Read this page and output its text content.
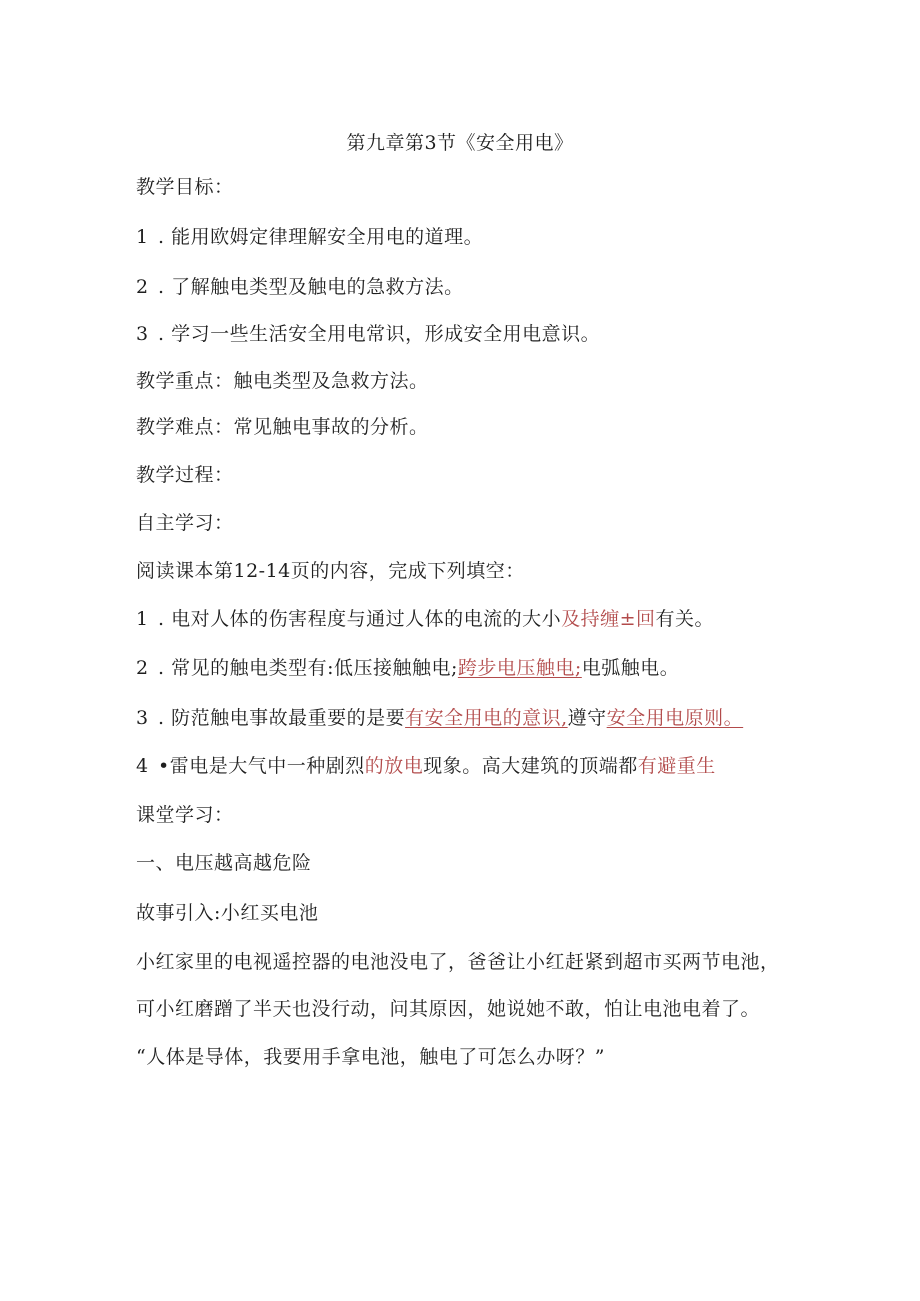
第九章第3节《安全用电》
教学目标：
1 . 能用欧姆定律理解安全用电的道理。
2 . 了解触电类型及触电的急救方法。
3 . 学习一些生活安全用电常识，形成安全用电意识。
教学重点：触电类型及急救方法。
教学难点：常见触电事故的分析。
教学过程：
自主学习：
阅读课本第12-14页的内容，完成下列填空：
1 . 电对人体的伤害程度与通过人体的电流的大小及持缠±回有关。
2 . 常见的触电类型有:低压接触触电;跨步电压触电;电弧触电。
3 . 防范触电事故最重要的是要有安全用电的意识,遵守安全用电原则。
4 •雷电是大气中一种剧烈的放电现象。高大建筑的顶端都有避重生
课堂学习：
一、电压越高越危险
故事引入:小红买电池
小红家里的电视遥控器的电池没电了，爸爸让小红赶紧到超市买两节电池，
可小红磨蹭了半天也没行动，问其原因，她说她不敢，怕让电池电着了。
“人体是导体，我要用手拿电池，触电了可怎么办呀？”
